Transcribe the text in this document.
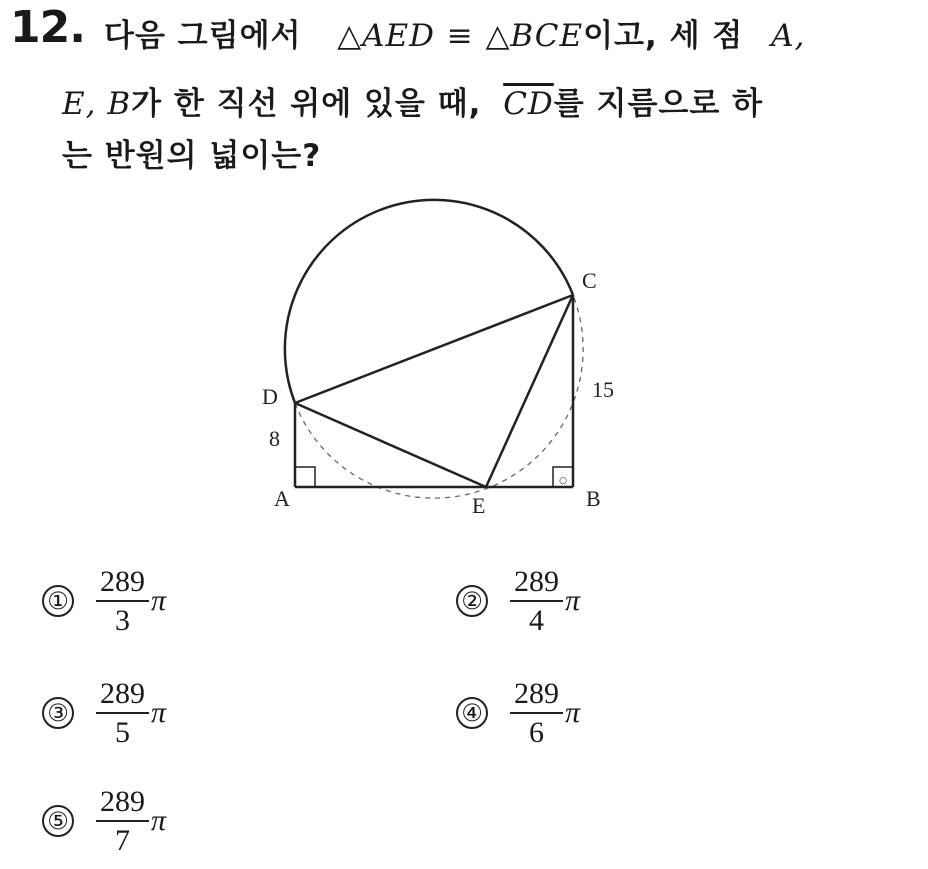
12. 다음 그림에서 △AED ≡ △BCE이고, 세 점 A,
E, B가 한 직선 위에 있을 때, $\overline{CD}$를 지름으로 하
는 반원의 넓이는?
○
C
D
A	E	B
8
15
① $\frac{289}{3}$ π	② $\frac{289}{4}$ π
③ $\frac{289}{5}$ π	④ $\frac{289}{6}$ π
⑤ $\frac{289}{7}$ π
